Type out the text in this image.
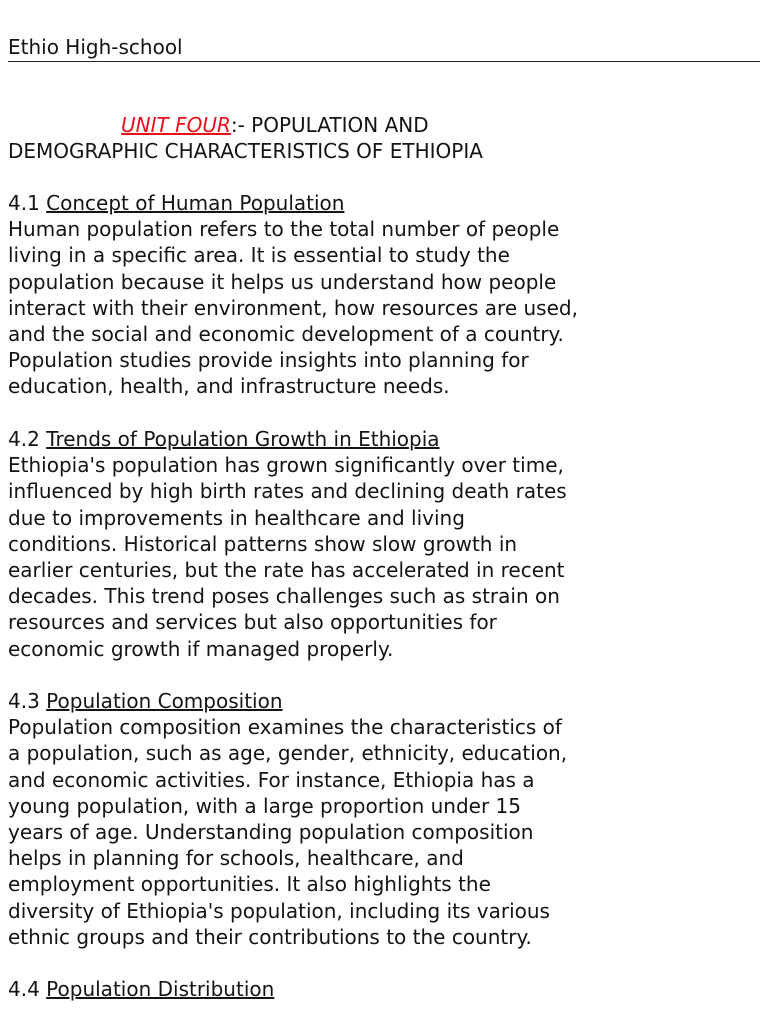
Ethio High-school
UNIT FOUR:- POPULATION AND
DEMOGRAPHIC CHARACTERISTICS OF ETHIOPIA

4.1 Concept of Human Population

Human population refers to the total number of people

living in a specific area. It is essential to study the

population because it helps us understand how people

interact with their environment, how resources are used,

and the social and economic development of a country.

Population studies provide insights into planning for

education, health, and infrastructure needs.

4.2 Trends of Population Growth in Ethiopia

Ethiopia's population has grown significantly over time,

influenced by high birth rates and declining death rates

due to improvements in healthcare and living

conditions. Historical patterns show slow growth in

earlier centuries, but the rate has accelerated in recent

decades. This trend poses challenges such as strain on

resources and services but also opportunities for

economic growth if managed properly.

4.3 Population Composition

Population composition examines the characteristics of

a population, such as age, gender, ethnicity, education,

and economic activities. For instance, Ethiopia has a

young population, with a large proportion under 15

years of age. Understanding population composition

helps in planning for schools, healthcare, and

employment opportunities. It also highlights the

diversity of Ethiopia's population, including its various

ethnic groups and their contributions to the country.

4.4 Population Distribution
